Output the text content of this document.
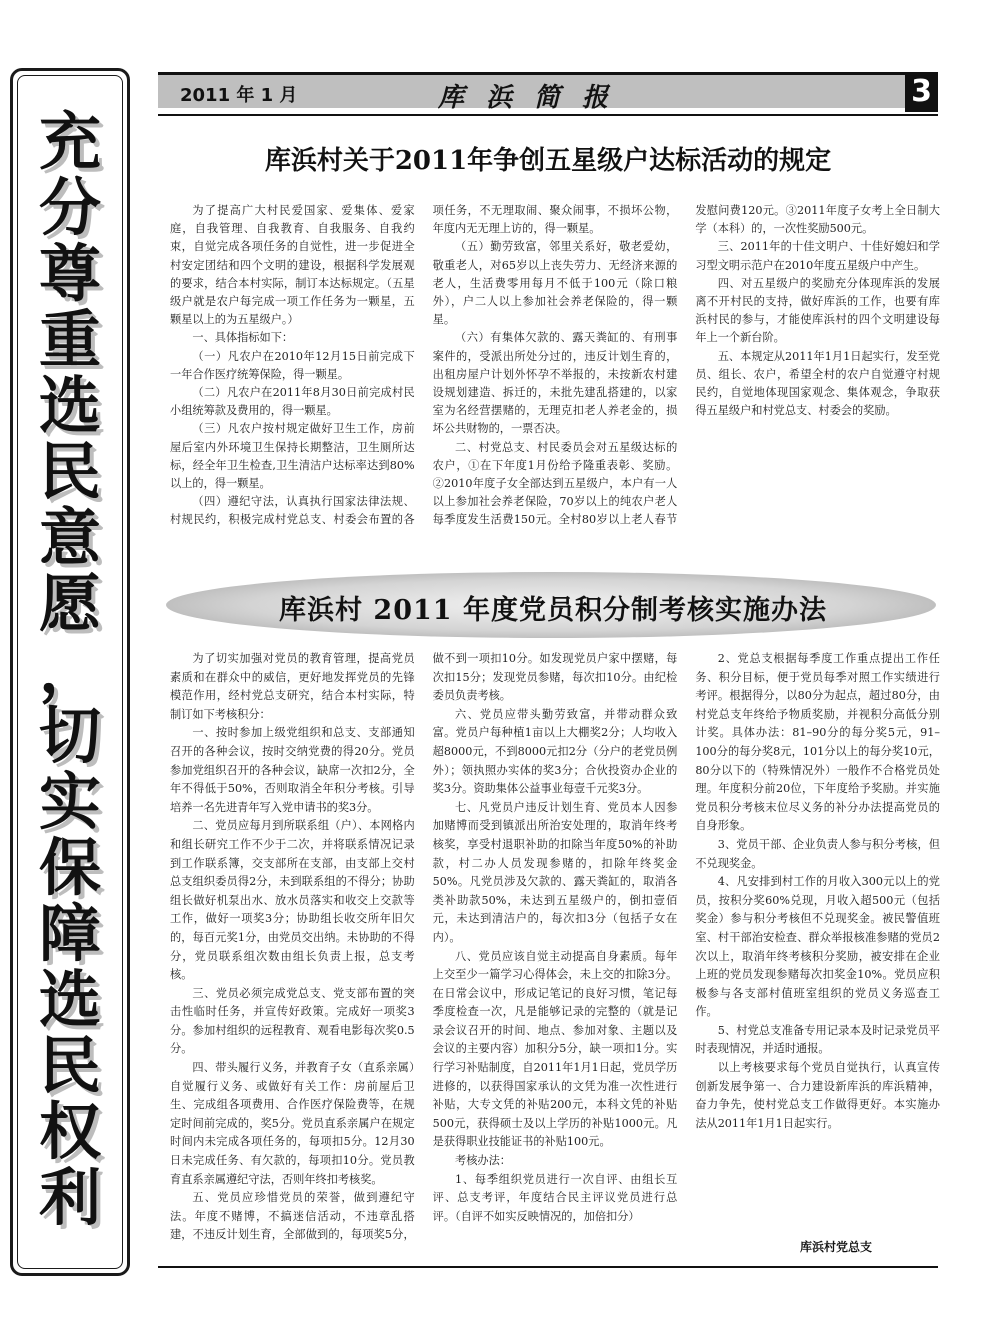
充
分
尊
重
选
民
意
愿
，
切
实
保
障
选
民
权
利
2011 年 1 月	库浜简报	3
库浜村关于2011年争创五星级户达标活动的规定

为了提高广大村民爱国家、爱集体、爱家庭，自我管理、自我教育、自我服务、自我约束，自觉完成各项任务的自觉性，进一步促进全村安定团结和四个文明的建设，根据科学发展观的要求，结合本村实际，制订本达标规定。（五星级户就是农户每完成一项工作任务为一颗星，五颗星以上的为五星级户。）

一、具体指标如下：

（一）凡农户在2010年12月15日前完成下一年合作医疗统筹保险，得一颗星。

（二）凡农户在2011年8月30日前完成村民小组统筹款及费用的，得一颗星。

（三）凡农户按村规定做好卫生工作，房前屋后室内外环境卫生保持长期整洁，卫生厕所达标，经全年卫生检查,卫生清洁户达标率达到80%以上的，得一颗星。

（四）遵纪守法，认真执行国家法律法规、村规民约，积极完成村党总支、村委会布置的各项任务，不无理取闹、聚众闹事，不损坏公物，年度内无无理上访的，得一颗星。

（五）勤劳致富，邻里关系好，敬老爱幼，敬重老人，对65岁以上丧失劳力、无经济来源的老人，生活费零用每月不低于100元（除口粮外），户二人以上参加社会养老保险的，得一颗星。

（六）有集体欠款的、露天粪缸的、有刑事案件的，受派出所处分过的，违反计划生育的，出租房屋户计划外怀孕不举报的，未按新农村建设规划建造、拆迁的，未批先建乱搭建的，以家室为名经营摆赌的，无理克扣老人养老金的，损坏公共财物的，一票否决。

二、村党总支、村民委员会对五星级达标的农户，①在下年度1月份给予隆重表彰、奖励。②2010年度子女全部达到五星级户，本户有一人以上参加社会养老保险，70岁以上的纯农户老人每季度发生活费150元。全村80岁以上老人春节发慰问费120元。③2011年度子女考上全日制大学（本科）的，一次性奖励500元。

三、2011年的十佳文明户、十佳好媳妇和学习型文明示范户在2010年度五星级户中产生。

四、对五星级户的奖励充分体现库浜的发展离不开村民的支持，做好库浜的工作，也要有库浜村民的参与，才能使库浜村的四个文明建设每年上一个新台阶。

五、本规定从2011年1月1日起实行，发至党员、组长、农户，希望全村的农户自觉遵守村规民约，自觉地体现国家观念、集体观念，争取获得五星级户和村党总支、村委会的奖励。

库浜村 2011 年度党员积分制考核实施办法

为了切实加强对党员的教育管理，提高党员素质和在群众中的威信，更好地发挥党员的先锋模范作用，经村党总支研究，结合本村实际，特制订如下考核积分：

一、按时参加上级党组织和总支、支部通知召开的各种会议，按时交纳党费的得20分。党员参加党组织召开的各种会议，缺席一次扣2分，全年不得低于50%，否则取消全年积分考核。引导培养一名先进青年写入党申请书的奖3分。

二、党员应每月到所联系组（户）、本网格内和组长研究工作不少于二次，并将联系情况记录到工作联系簿，交支部所在支部，由支部上交村总支组织委员得2分，未到联系组的不得分；协助组长做好机泵出水、放水员落实和收交上交款等工作，做好一项奖3分；协助组长收交所年旧欠的，每百元奖1分，由党员交出纳。未协助的不得分，党员联系组次数由组长负责上报，总支考核。

三、党员必须完成党总支、党支部布置的突击性临时任务，并宣传好政策。完成好一项奖3分。参加村组织的远程教育、观看电影每次奖0.5分。

四、带头履行义务，并教育子女（直系亲属）自觉履行义务、或做好有关工作：房前屋后卫生、完成组各项费用、合作医疗保险费等，在规定时间前完成的，奖5分。党员直系亲属户在规定时间内未完成各项任务的，每项扣5分。12月30日未完成任务、有欠款的，每项扣10分。党员教育直系亲属遵纪守法，否则年终扣考核奖。

五、党员应珍惜党员的荣誉，做到遵纪守法。年度不赌博，不搞迷信活动，不违章乱搭建，不违反计划生育，全部做到的，每项奖5分，做不到一项扣10分。如发现党员户家中摆赌，每次扣15分；发现党员参赌，每次扣10分。由纪检委员负责考核。

六、党员应带头勤劳致富，并带动群众致富。党员户每种植1亩以上大棚奖2分；人均收入超8000元，不到8000元扣2分（分户的老党员例外）；领执照办实体的奖3分；合伙投资办企业的奖3分。资助集体公益事业每壹千元奖3分。

七、凡党员户违反计划生育、党员本人因参加赌博而受到镇派出所治安处理的，取消年终考核奖，享受村退职补助的扣除当年度50%的补助款，村二办人员发现参赌的，扣除年终奖金50%。凡党员涉及欠款的、露天粪缸的，取消各类补助款50%，未达到五星级户的，倒扣壹佰元，未达到清洁户的，每次扣3分（包括子女在内）。

八、党员应该自觉主动提高自身素质。每年上交至少一篇学习心得体会，未上交的扣除3分。在日常会议中，形成记笔记的良好习惯，笔记每季度检查一次，凡是能够记录的完整的（就是记录会议召开的时间、地点、参加对象、主题以及会议的主要内容）加积分5分，缺一项扣1分。实行学习补贴制度，自2011年1月1日起，党员学历进修的，以获得国家承认的文凭为准一次性进行补贴，大专文凭的补贴200元，本科文凭的补贴500元，获得硕士及以上学历的补贴1000元。凡是获得职业技能证书的补贴100元。

考核办法：

1、每季组织党员进行一次自评、由组长互评、总支考评，年度结合民主评议党员进行总评。（自评不如实反映情况的，加倍扣分）

2、党总支根据每季度工作重点提出工作任务、积分目标，便于党员每季对照工作实绩进行考评。根据得分，以80分为起点，超过80分，由村党总支年终给予物质奖励，并视积分高低分别计奖。具体办法：81–90分的每分奖5元，91–100分的每分奖8元，101分以上的每分奖10元，80分以下的（特殊情况外）一般作不合格党员处理。年度积分前20位，下年度给予奖励。并实施党员积分考核末位尽义务的补分办法提高党员的自身形象。

3、党员干部、企业负责人参与积分考核，但不兑现奖金。

4、凡安排到村工作的月收入300元以上的党员，按积分奖60%兑现，月收入超500元（包括奖金）参与积分考核但不兑现奖金。被民警值班室、村干部治安检查、群众举报核准参赌的党员2次以上，取消年终考核积分奖励，被安排在企业上班的党员发现参赌每次扣奖金10%。党员应积极参与各支部村值班室组织的党员义务巡查工作。

5、村党总支准备专用记录本及时记录党员平时表现情况，并适时通报。

以上考核要求每个党员自觉执行，认真宣传创新发展争第一、合力建设新库浜的库浜精神，奋力争先，使村党总支工作做得更好。本实施办法从2011年1月1日起实行。

库浜村党总支
